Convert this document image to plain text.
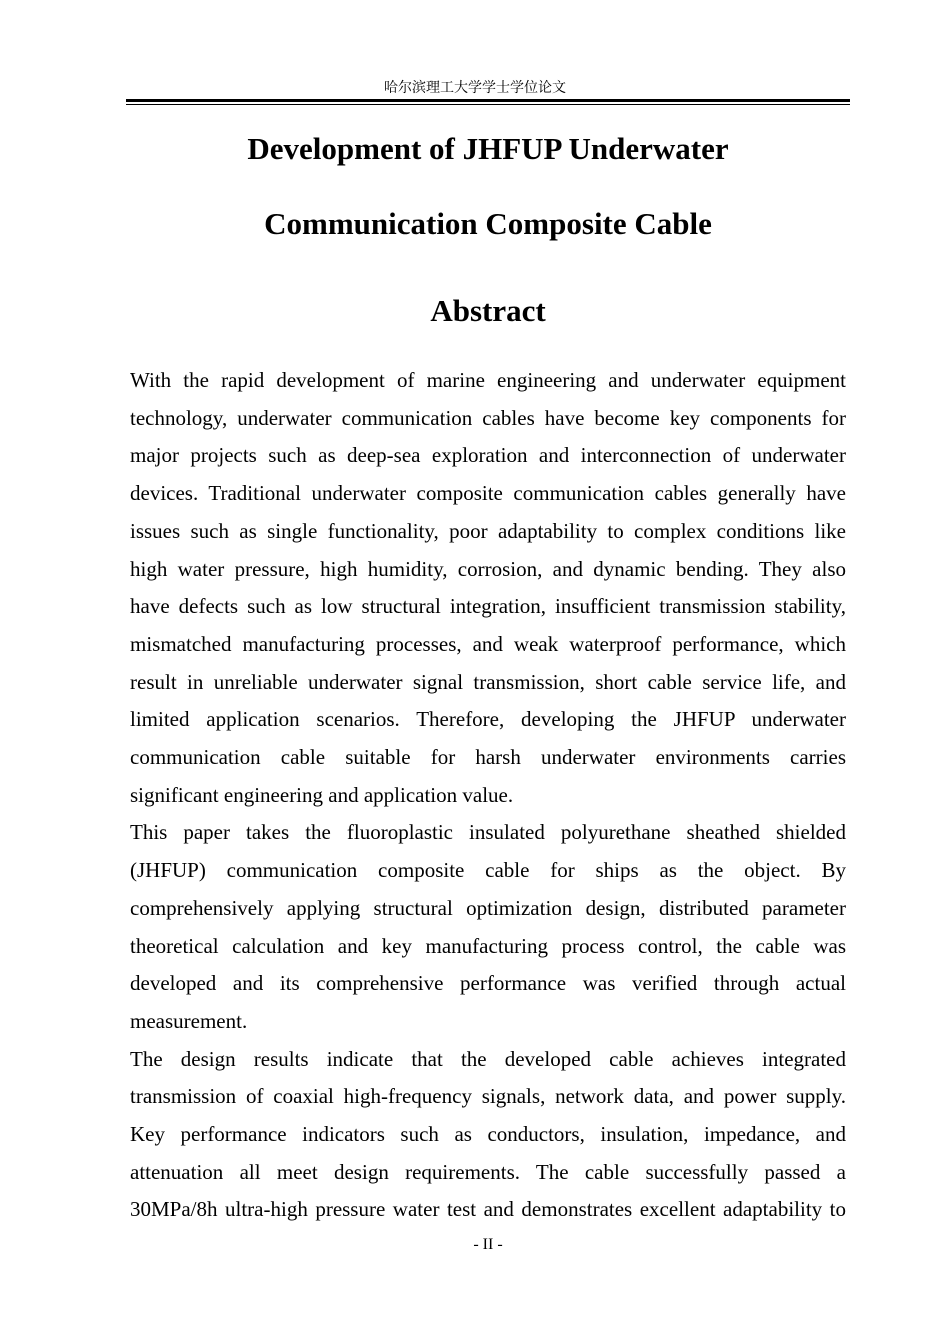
哈尔滨理工大学学士学位论文
Development of JHFUP Underwater
Communication Composite Cable
Abstract

With the rapid development of marine engineering and underwater equipment
technology, underwater communication cables have become key components for
major projects such as deep-sea exploration and interconnection of underwater
devices. Traditional underwater composite communication cables generally have
issues such as single functionality, poor adaptability to complex conditions like
high water pressure, high humidity, corrosion, and dynamic bending. They also
have defects such as low structural integration, insufficient transmission stability,
mismatched manufacturing processes, and weak waterproof performance, which
result in unreliable underwater signal transmission, short cable service life, and
limited application scenarios. Therefore, developing the JHFUP underwater
communication cable suitable for harsh underwater environments carries
significant engineering and application value.

This paper takes the fluoroplastic insulated polyurethane sheathed shielded
(JHFUP) communication composite cable for ships as the object. By
comprehensively applying structural optimization design, distributed parameter
theoretical calculation and key manufacturing process control, the cable was
developed and its comprehensive performance was verified through actual
measurement.

The design results indicate that the developed cable achieves integrated
transmission of coaxial high-frequency signals, network data, and power supply.
Key performance indicators such as conductors, insulation, impedance, and
attenuation all meet design requirements. The cable successfully passed a
30MPa/8h ultra-high pressure water test and demonstrates excellent adaptability to

- II -
